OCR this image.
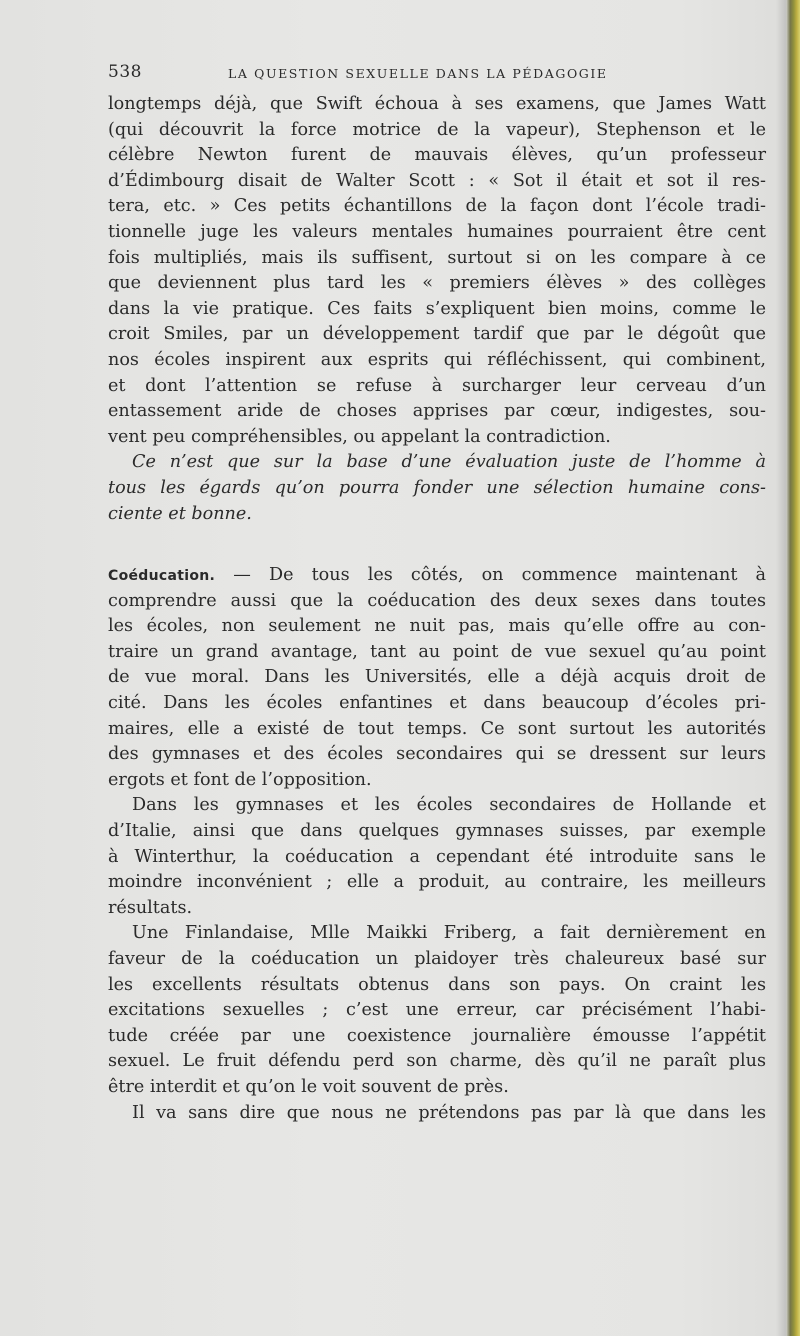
538	LA QUESTION SEXUELLE DANS LA PÉDAGOGIE
longtemps déjà, que Swift échoua à ses examens, que James Watt
(qui découvrit la force motrice de la vapeur), Stephenson et le
célèbre Newton furent de mauvais élèves, qu’un professeur
d’Édimbourg disait de Walter Scott : « Sot il était et sot il res-
tera, etc. » Ces petits échantillons de la façon dont l’école tradi-
tionnelle juge les valeurs mentales humaines pourraient être cent
fois multipliés, mais ils suffisent, surtout si on les compare à ce
que deviennent plus tard les « premiers élèves » des collèges
dans la vie pratique. Ces faits s’expliquent bien moins, comme le
croit Smiles, par un développement tardif que par le dégoût que
nos écoles inspirent aux esprits qui réfléchissent, qui combinent,
et dont l’attention se refuse à surcharger leur cerveau d’un
entassement aride de choses apprises par cœur, indigestes, sou-
vent peu compréhensibles, ou appelant la contradiction.
Ce n’est que sur la base d’une évaluation juste de l’homme à
tous les égards qu’on pourra fonder une sélection humaine cons-
ciente et bonne.
Coéducation. — De tous les côtés, on commence maintenant à
comprendre aussi que la coéducation des deux sexes dans toutes
les écoles, non seulement ne nuit pas, mais qu’elle offre au con-
traire un grand avantage, tant au point de vue sexuel qu’au point
de vue moral. Dans les Universités, elle a déjà acquis droit de
cité. Dans les écoles enfantines et dans beaucoup d’écoles pri-
maires, elle a existé de tout temps. Ce sont surtout les autorités
des gymnases et des écoles secondaires qui se dressent sur leurs
ergots et font de l’opposition.
Dans les gymnases et les écoles secondaires de Hollande et
d’Italie, ainsi que dans quelques gymnases suisses, par exemple
à Winterthur, la coéducation a cependant été introduite sans le
moindre inconvénient ; elle a produit, au contraire, les meilleurs
résultats.
Une Finlandaise, Mlle Maikki Friberg, a fait dernièrement en
faveur de la coéducation un plaidoyer très chaleureux basé sur
les excellents résultats obtenus dans son pays. On craint les
excitations sexuelles ; c’est une erreur, car précisément l’habi-
tude créée par une coexistence journalière émousse l’appétit
sexuel. Le fruit défendu perd son charme, dès qu’il ne paraît plus
être interdit et qu’on le voit souvent de près.
Il va sans dire que nous ne prétendons pas par là que dans les
